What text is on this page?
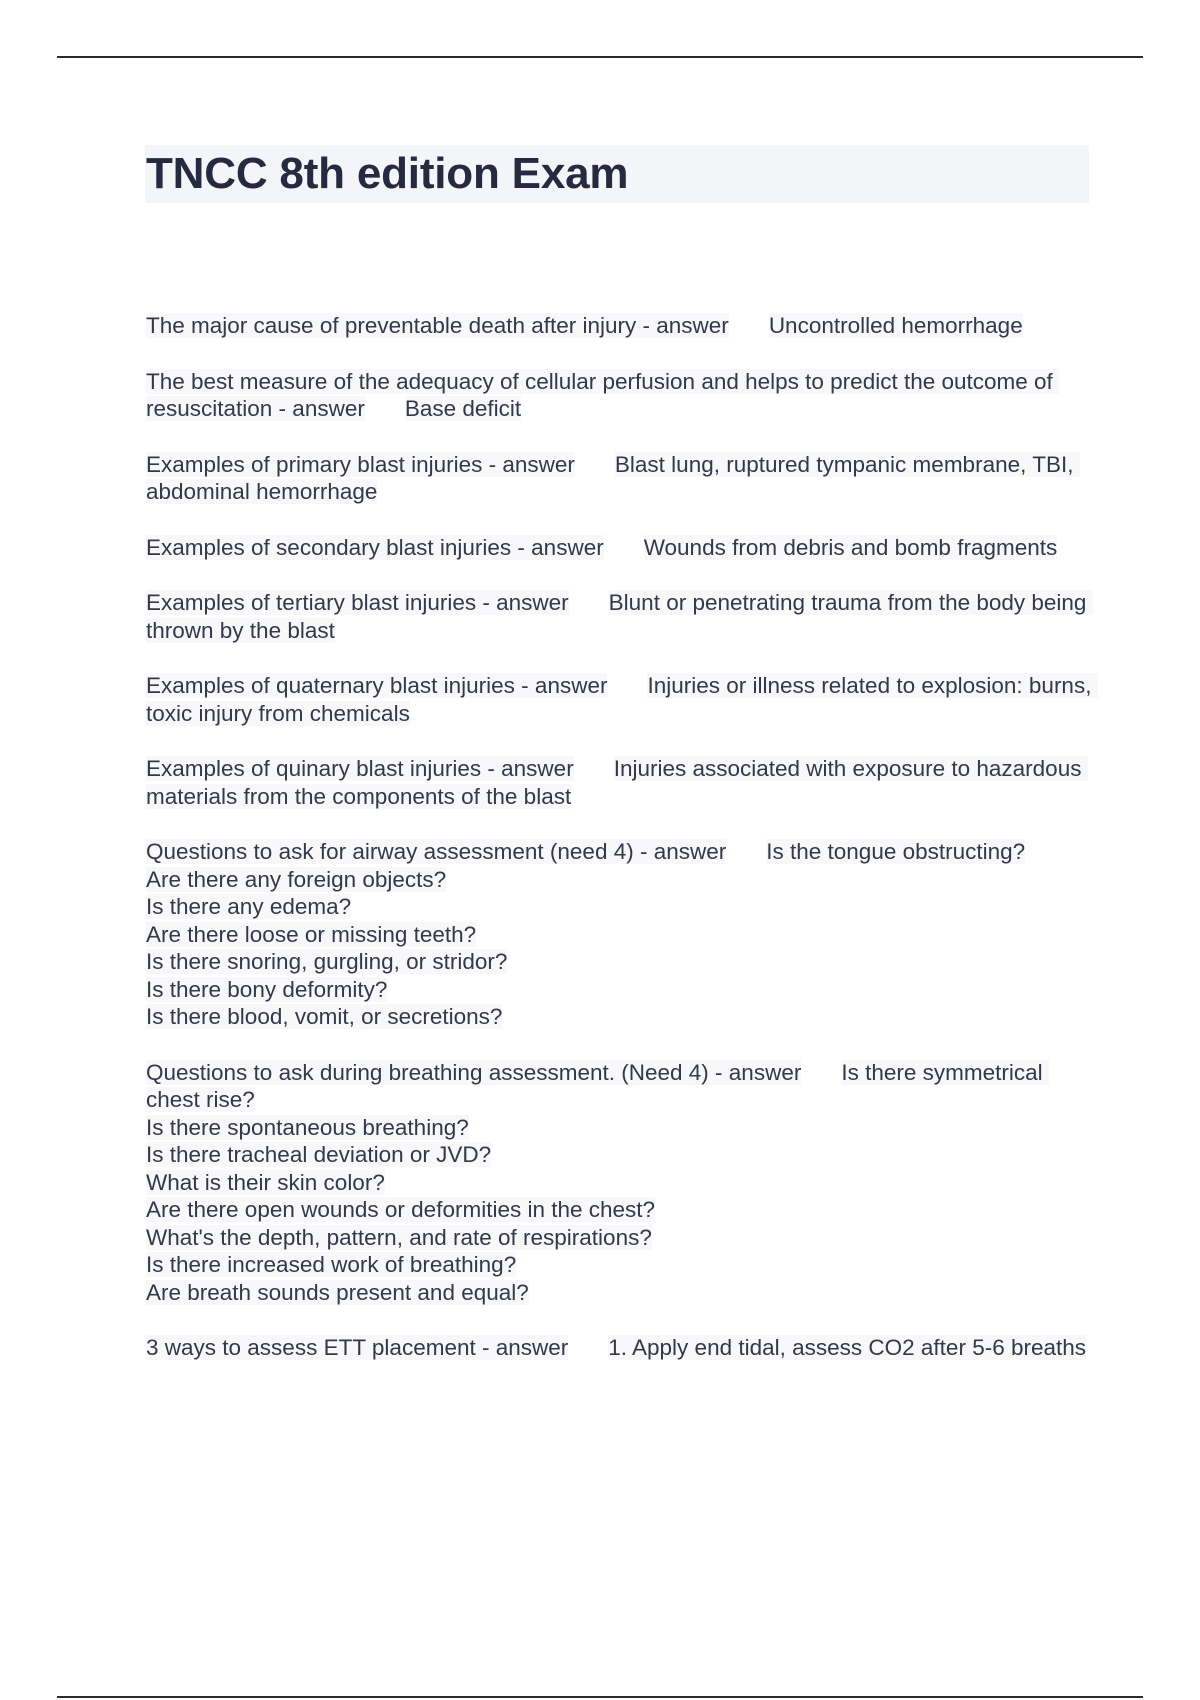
TNCC 8th edition Exam

The major cause of preventable death after injury - answer Uncontrolled hemorrhage

The best measure of the adequacy of cellular perfusion and helps to predict the outcome of resuscitation - answer Base deficit

Examples of primary blast injuries - answer Blast lung, ruptured tympanic membrane, TBI, abdominal hemorrhage

Examples of secondary blast injuries - answer Wounds from debris and bomb fragments

Examples of tertiary blast injuries - answer Blunt or penetrating trauma from the body being thrown by the blast

Examples of quaternary blast injuries - answer Injuries or illness related to explosion: burns, toxic injury from chemicals

Examples of quinary blast injuries - answer Injuries associated with exposure to hazardous materials from the components of the blast

Questions to ask for airway assessment (need 4) - answer Is the tongue obstructing?
Are there any foreign objects?
Is there any edema?
Are there loose or missing teeth?
Is there snoring, gurgling, or stridor?
Is there bony deformity?
Is there blood, vomit, or secretions?

Questions to ask during breathing assessment. (Need 4) - answer Is there symmetrical chest rise?
Is there spontaneous breathing?
Is there tracheal deviation or JVD?
What is their skin color?
Are there open wounds or deformities in the chest?
What's the depth, pattern, and rate of respirations?
Is there increased work of breathing?
Are breath sounds present and equal?

3 ways to assess ETT placement - answer 1. Apply end tidal, assess CO2 after 5-6 breaths
